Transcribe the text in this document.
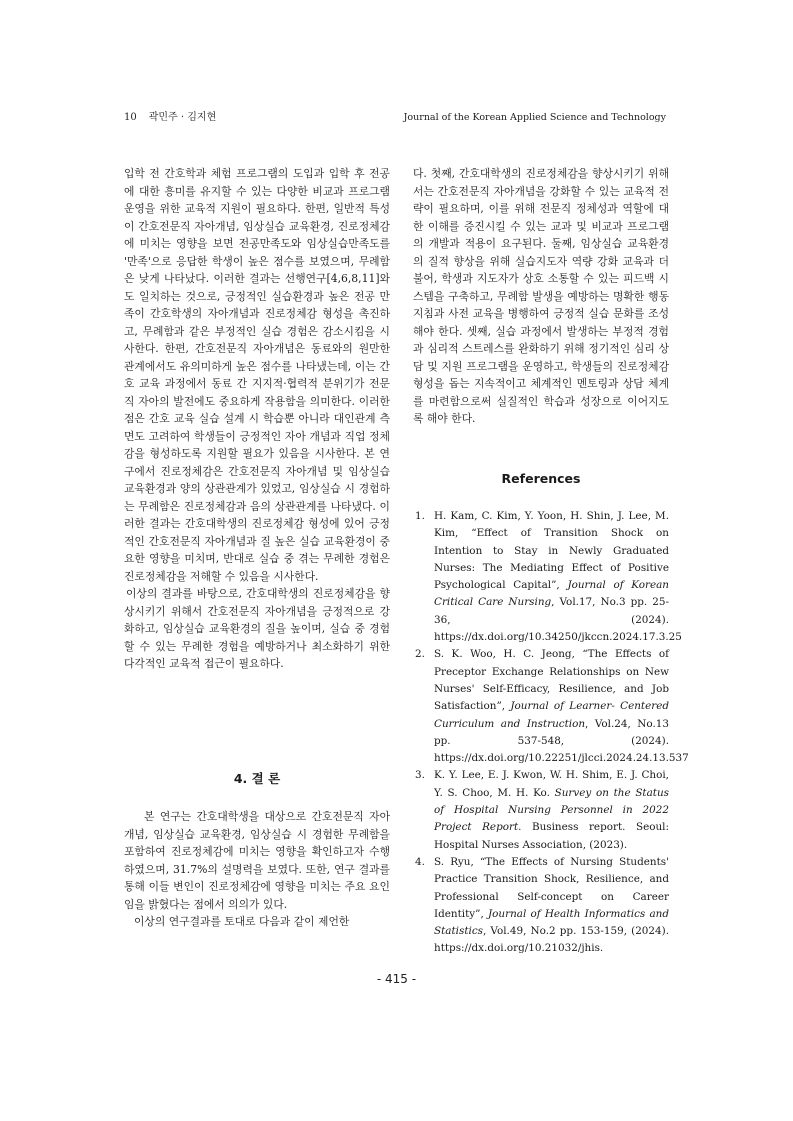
10 곽민주 · 김지현	Journal of the Korean Applied Science and Technology

입학 전 간호학과 체험 프로그램의 도입과 입학 후 전공에 대한 흥미를 유지할 수 있는 다양한 비교과 프로그램 운영을 위한 교육적 지원이 필요하다. 한편, 일반적 특성이 간호전문직 자아개념, 임상실습 교육환경, 진로정체감에 미치는 영향을 보면 전공만족도와 임상실습만족도를 '만족'으로 응답한 학생이 높은 점수를 보였으며, 무례함은 낮게 나타났다. 이러한 결과는 선행연구[4,6,8,11]와도 일치하는 것으로, 긍정적인 실습환경과 높은 전공 만족이 간호학생의 자아개념과 진로정체감 형성을 촉진하고, 무례함과 같은 부정적인 실습 경험은 감소시킴을 시사한다. 한편, 간호전문직 자아개념은 동료와의 원만한 관계에서도 유의미하게 높은 점수를 나타냈는데, 이는 간호 교육 과정에서 동료 간 지지적·협력적 분위기가 전문직 자아의 발전에도 중요하게 작용함을 의미한다. 이러한 점은 간호 교육 실습 설계 시 학습뿐 아니라 대인관계 측면도 고려하여 학생들이 긍정적인 자아 개념과 직업 정체감을 형성하도록 지원할 필요가 있음을 시사한다. 본 연구에서 진로정체감은 간호전문직 자아개념 및 임상실습 교육환경과 양의 상관관계가 있었고, 임상실습 시 경험하는 무례함은 진로정체감과 음의 상관관계를 나타냈다. 이러한 결과는 간호대학생의 진로정체감 형성에 있어 긍정적인 간호전문직 자아개념과 질 높은 실습 교육환경이 중요한 영향을 미치며, 반대로 실습 중 겪는 무례한 경험은 진로정체감을 저해할 수 있음을 시사한다.

이상의 결과를 바탕으로, 간호대학생의 진로정체감을 향상시키기 위해서 간호전문직 자아개념을 긍정적으로 강화하고, 임상실습 교육환경의 질을 높이며, 실습 중 경험할 수 있는 무례한 경험을 예방하거나 최소화하기 위한 다각적인 교육적 접근이 필요하다.

4. 결 론

본 연구는 간호대학생을 대상으로 간호전문직 자아개념, 임상실습 교육환경, 임상실습 시 경험한 무례함을 포함하여 진로정체감에 미치는 영향을 확인하고자 수행하였으며, 31.7%의 설명력을 보였다. 또한, 연구 결과를 통해 이들 변인이 진로정체감에 영향을 미치는 주요 요인임을 밝혔다는 점에서 의의가 있다.

이상의 연구결과를 토대로 다음과 같이 제언한

다. 첫째, 간호대학생의 진로정체감을 향상시키기 위해서는 간호전문직 자아개념을 강화할 수 있는 교육적 전략이 필요하며, 이를 위해 전문직 정체성과 역할에 대한 이해를 증진시킬 수 있는 교과 및 비교과 프로그램의 개발과 적용이 요구된다. 둘째, 임상실습 교육환경의 질적 향상을 위해 실습지도자 역량 강화 교육과 더불어, 학생과 지도자가 상호 소통할 수 있는 피드백 시스템을 구축하고, 무례함 발생을 예방하는 명확한 행동 지침과 사전 교육을 병행하여 긍정적 실습 문화를 조성해야 한다. 셋째, 실습 과정에서 발생하는 부정적 경험과 심리적 스트레스를 완화하기 위해 정기적인 심리 상담 및 지원 프로그램을 운영하고, 학생들의 진로정체감 형성을 돕는 지속적이고 체계적인 멘토링과 상담 체계를 마련함으로써 실질적인 학습과 성장으로 이어지도록 해야 한다.

References
1. H. Kam, C. Kim, Y. Yoon, H. Shin, J. Lee, M. Kim, “Effect of Transition Shock on Intention to Stay in Newly Graduated Nurses: The Mediating Effect of Positive Psychological Capital”, Journal of Korean Critical Care Nursing, Vol.17, No.3 pp. 25-36, (2024). https://dx.doi.org/10.34250/jkccn.2024.17.3.25
2. S. K. Woo, H. C. Jeong, “The Effects of Preceptor Exchange Relationships on New Nurses' Self-Efficacy, Resilience, and Job Satisfaction”, Journal of Learner- Centered Curriculum and Instruction, Vol.24, No.13 pp. 537-548, (2024). https://dx.doi.org/10.22251/jlcci.2024.24.13.537
3. K. Y. Lee, E. J. Kwon, W. H. Shim, E. J. Choi, Y. S. Choo, M. H. Ko. Survey on the Status of Hospital Nursing Personnel in 2022 Project Report. Business report. Seoul: Hospital Nurses Association, (2023).
4. S. Ryu, “The Effects of Nursing Students' Practice Transition Shock, Resilience, and Professional Self-concept on Career Identity”, Journal of Health Informatics and Statistics, Vol.49, No.2 pp. 153-159, (2024). https://dx.doi.org/10.21032/jhis.
- 415 -
